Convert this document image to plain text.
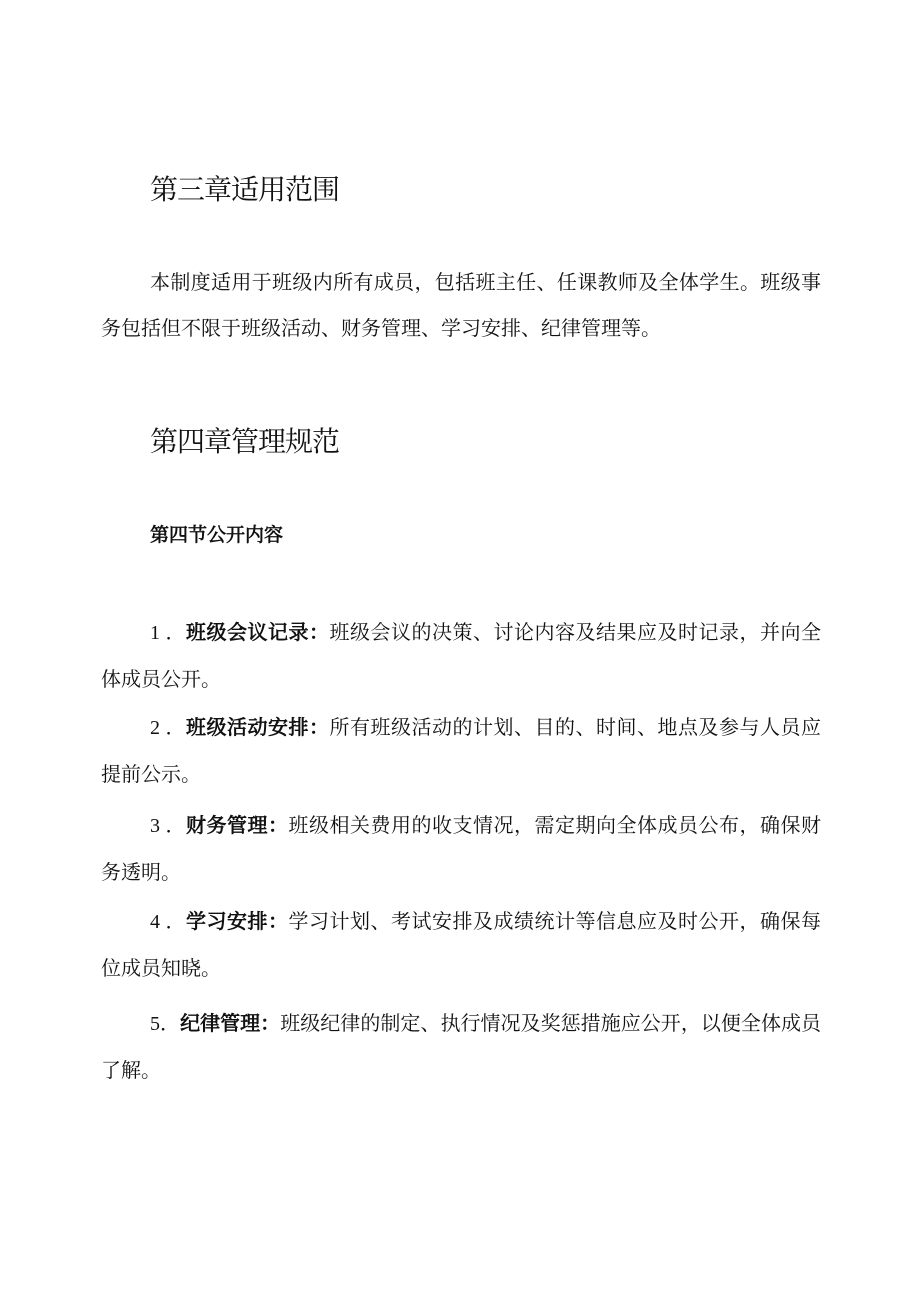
第三章适用范围

本制度适用于班级内所有成员，包括班主任、任课教师及全体学生。班级事务包括但不限于班级活动、财务管理、学习安排、纪律管理等。

第四章管理规范
第四节公开内容

1 ．班级会议记录：班级会议的决策、讨论内容及结果应及时记录，并向全体成员公开。

2 ．班级活动安排：所有班级活动的计划、目的、时间、地点及参与人员应提前公示。

3 ．财务管理：班级相关费用的收支情况，需定期向全体成员公布，确保财务透明。

4 ．学习安排：学习计划、考试安排及成绩统计等信息应及时公开，确保每位成员知晓。

5．纪律管理：班级纪律的制定、执行情况及奖惩措施应公开，以便全体成员了解。
